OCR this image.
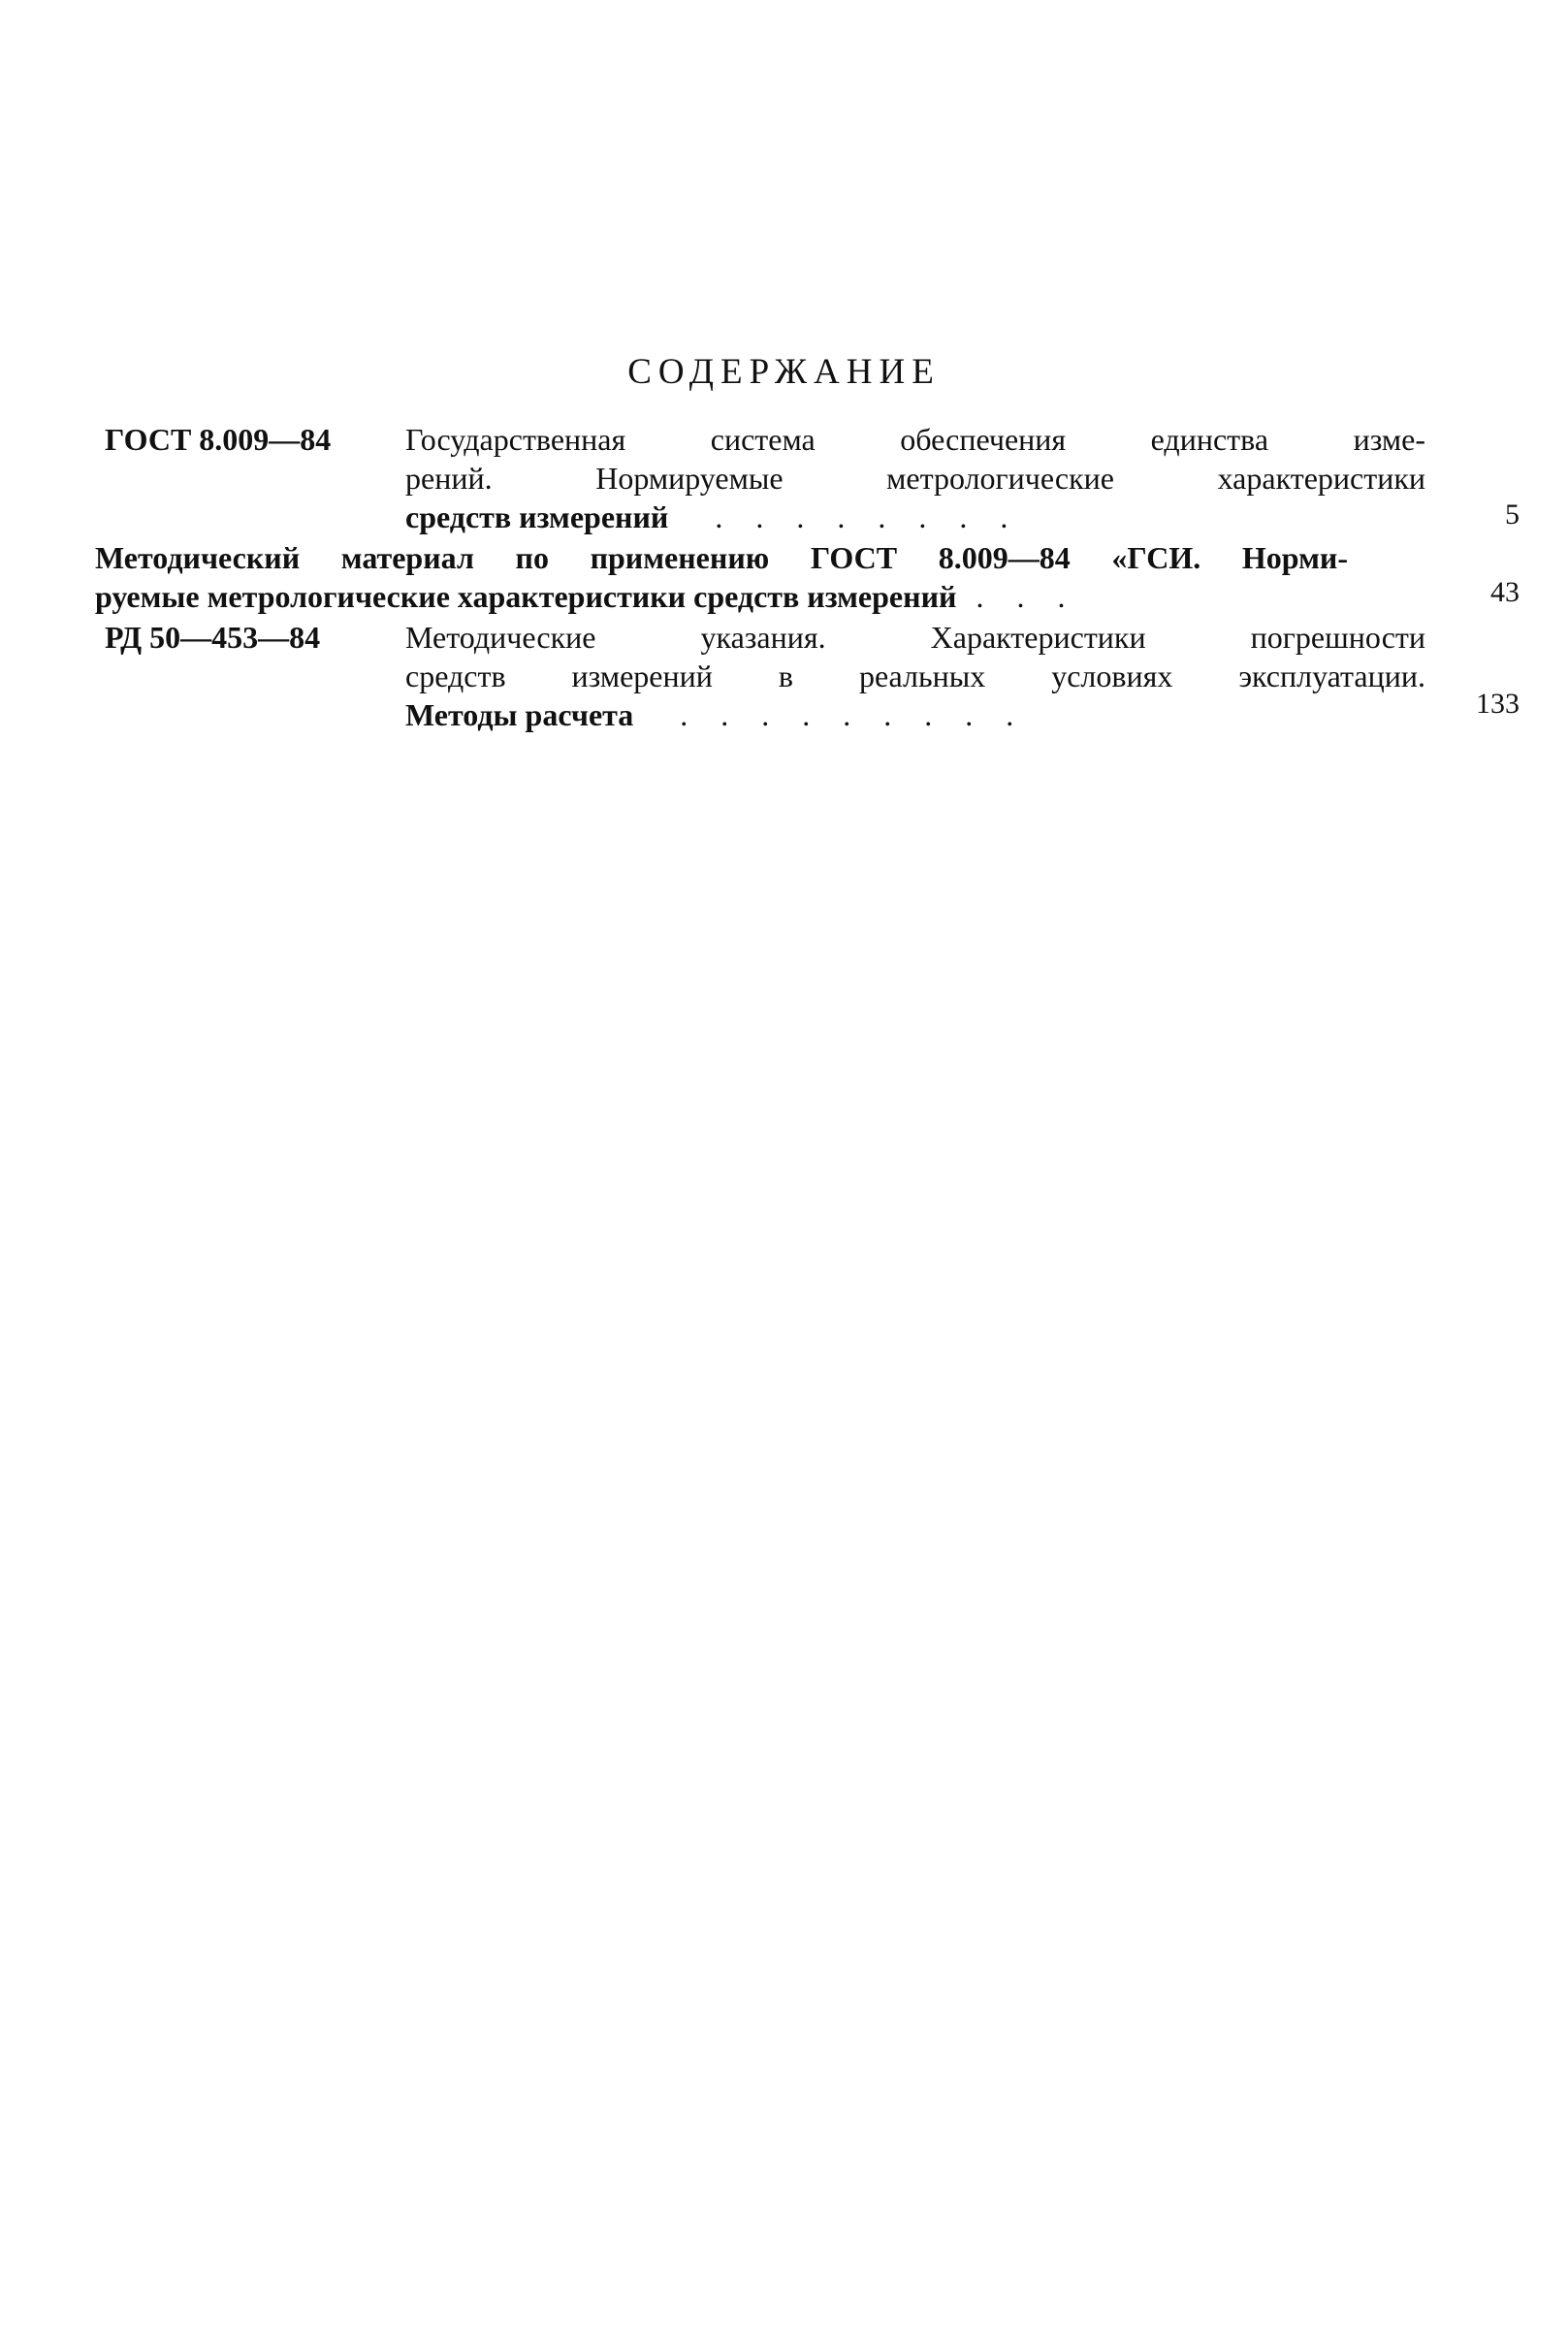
СОДЕРЖАНИЕ
ГОСТ 8.009—84 Государственная система обеспечения единства изме-
рений. Нормируемые метрологические характеристики
средств измерений ........	5
Методический материал по применению ГОСТ 8.009—84 «ГСИ. Норми-
руемые метрологические характеристики средств измерений ...	43
РД 50—453—84	Методические указания. Характеристики погрешности
средств измерений в реальных условиях эксплуатации.
Методы расчета .........	133
